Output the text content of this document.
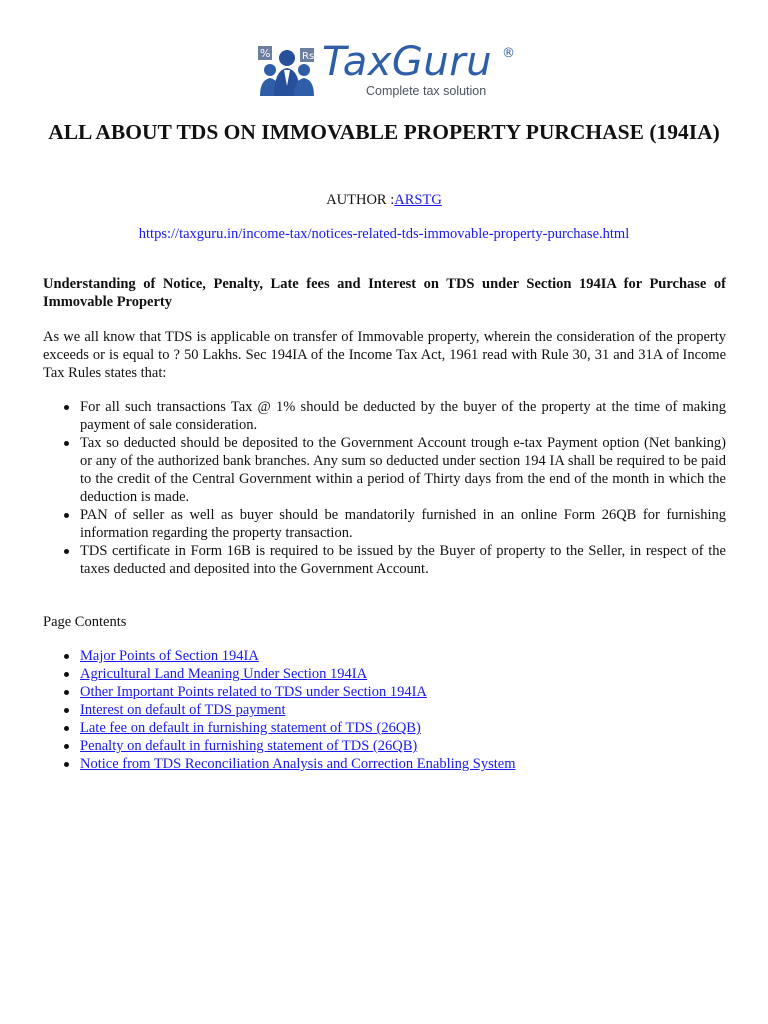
%	Rs TaxGuru ®
Complete tax solution
ALL ABOUT TDS ON IMMOVABLE PROPERTY PURCHASE (194IA)
AUTHOR :ARSTG
https://taxguru.in/income-tax/notices-related-tds-immovable-property-purchase.html

Understanding of Notice, Penalty, Late fees and Interest on TDS under Section 194IA for Purchase of Immovable Property

As we all know that TDS is applicable on transfer of Immovable property, wherein the consideration of the property exceeds or is equal to ? 50 Lakhs. Sec 194IA of the Income Tax Act, 1961 read with Rule 30, 31 and 31A of Income Tax Rules states that:

For all such transactions Tax @ 1% should be deducted by the buyer of the property at the time of making payment of sale consideration.
Tax so deducted should be deposited to the Government Account trough e-tax Payment option (Net banking) or any of the authorized bank branches. Any sum so deducted under section 194 IA shall be required to be paid to the credit of the Central Government within a period of Thirty days from the end of the month in which the deduction is made.
PAN of seller as well as buyer should be mandatorily furnished in an online Form 26QB for furnishing information regarding the property transaction.
TDS certificate in Form 16B is required to be issued by the Buyer of property to the Seller, in respect of the taxes deducted and deposited into the Government Account.

Page Contents

Major Points of Section 194IA
Agricultural Land Meaning Under Section 194IA
Other Important Points related to TDS under Section 194IA
Interest on default of TDS payment
Late fee on default in furnishing statement of TDS (26QB)
Penalty on default in furnishing statement of TDS (26QB)
Notice from TDS Reconciliation Analysis and Correction Enabling System
